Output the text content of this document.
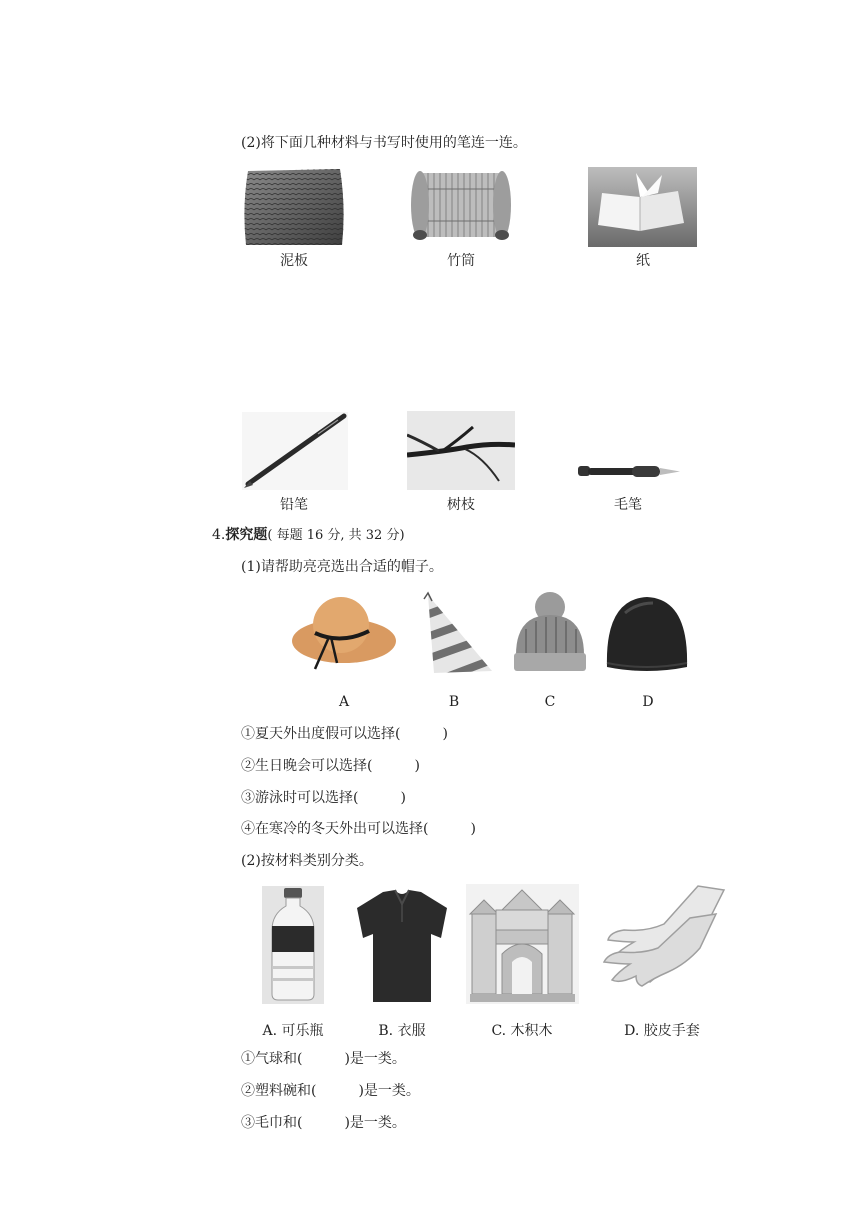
(2)将下面几种材料与书写时使用的笔连一连。
泥板	竹筒	纸
铅笔	树枝	毛笔
4.探究题( 每题 16 分, 共 32 分)
(1)请帮助亮亮选出合适的帽子。
A	B	C	D
①夏天外出度假可以选择(　　　)
②生日晚会可以选择(　　　)
③游泳时可以选择(　　　)
④在寒冷的冬天外出可以选择(　　　)
(2)按材料类别分类。
A. 可乐瓶	B. 衣服	C. 木积木	D. 胶皮手套
①气球和(　　　)是一类。
②塑料碗和(　　　)是一类。
③毛巾和(　　　)是一类。
